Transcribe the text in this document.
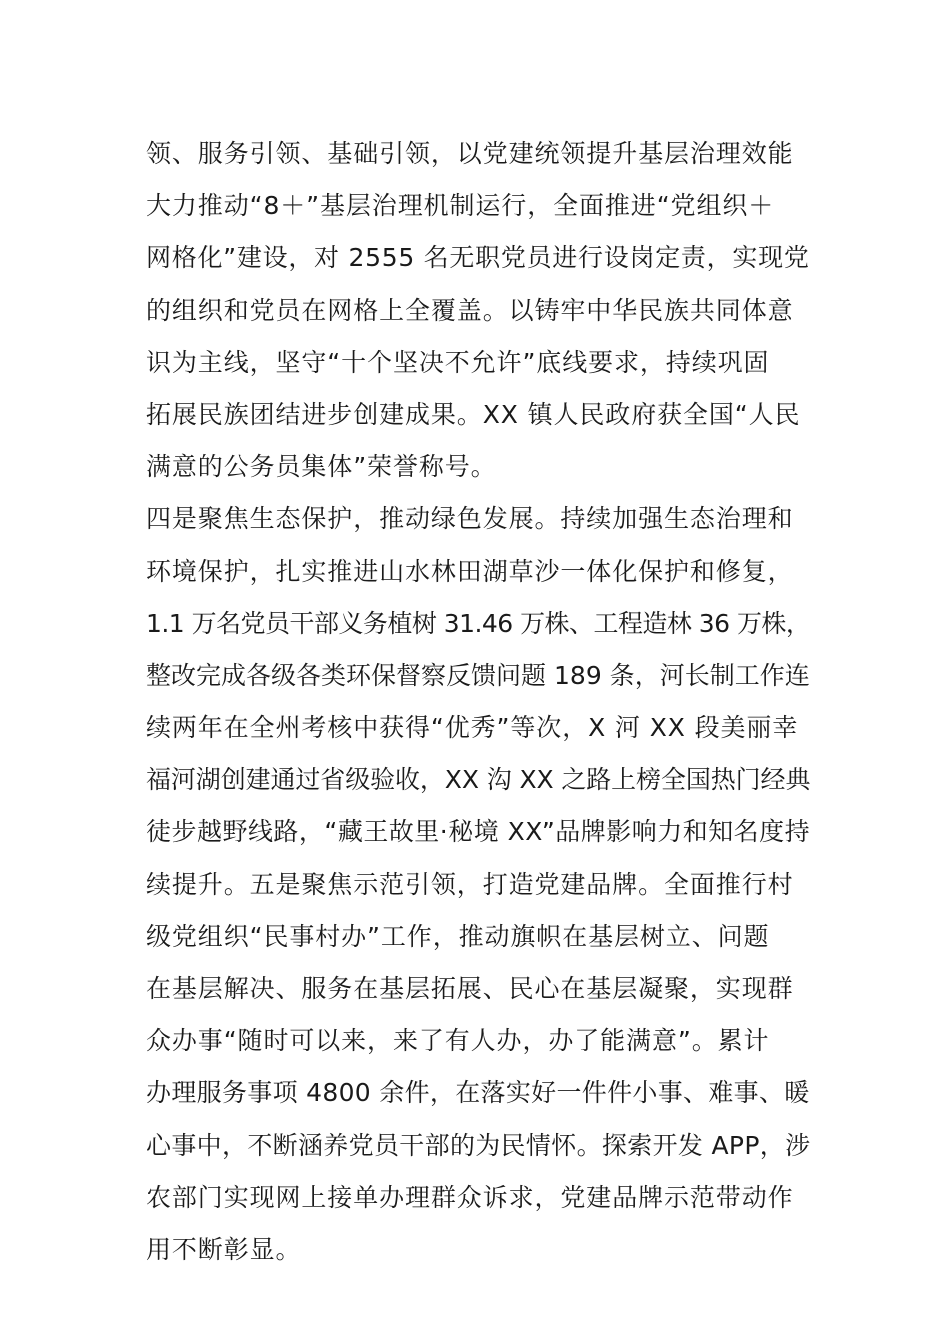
领、服务引领、基础引领，以党建统领提升基层治理效能
大力推动“8＋”基层治理机制运行，全面推进“党组织＋
网格化”建设，对 2555 名无职党员进行设岗定责，实现党
的组织和党员在网格上全覆盖。以铸牢中华民族共同体意
识为主线，坚守“十个坚决不允许”底线要求，持续巩固
拓展民族团结进步创建成果。XX 镇人民政府获全国“人民
满意的公务员集体”荣誉称号。
四是聚焦生态保护，推动绿色发展。持续加强生态治理和
环境保护，扎实推进山水林田湖草沙一体化保护和修复，
1.1 万名党员干部义务植树 31.46 万株、工程造林 36 万株，
整改完成各级各类环保督察反馈问题 189 条，河长制工作连
续两年在全州考核中获得“优秀”等次，X 河 XX 段美丽幸
福河湖创建通过省级验收，XX 沟 XX 之路上榜全国热门经典
徒步越野线路，“藏王故里·秘境 XX”品牌影响力和知名度持
续提升。五是聚焦示范引领，打造党建品牌。全面推行村
级党组织“民事村办”工作，推动旗帜在基层树立、问题
在基层解决、服务在基层拓展、民心在基层凝聚，实现群
众办事“随时可以来，来了有人办，办了能满意”。累计
办理服务事项 4800 余件，在落实好一件件小事、难事、暖
心事中，不断涵养党员干部的为民情怀。探索开发 APP，涉
农部门实现网上接单办理群众诉求，党建品牌示范带动作
用不断彰显。
